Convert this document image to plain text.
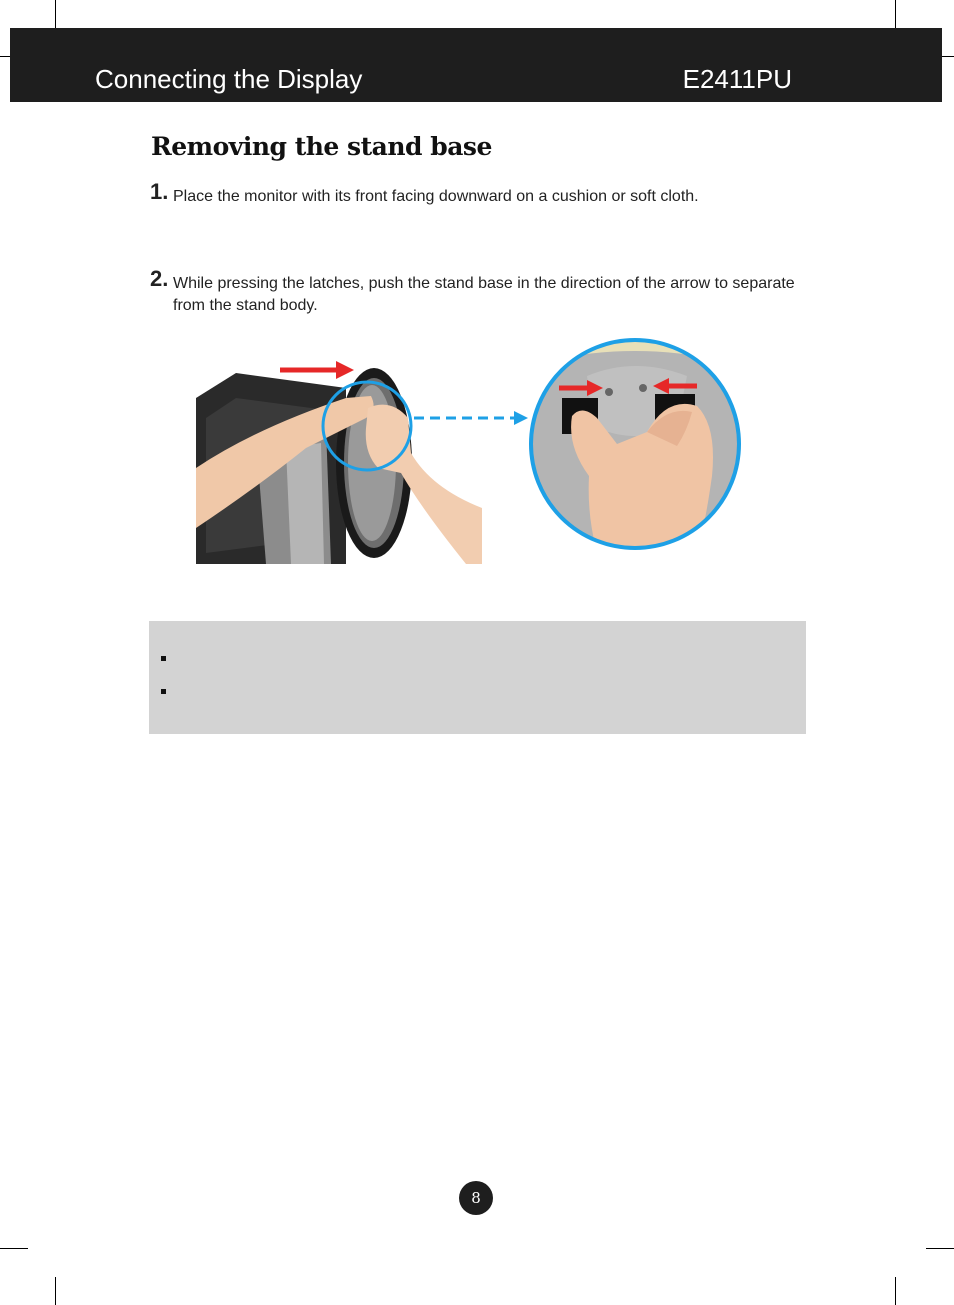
Connecting the Display	E2411PU
Removing the stand base
1. Place the monitor with its front facing downward on a cushion or soft cloth.
2. While pressing the latches, push the stand base in the direction of the arrow to separate from the stand body.
8
